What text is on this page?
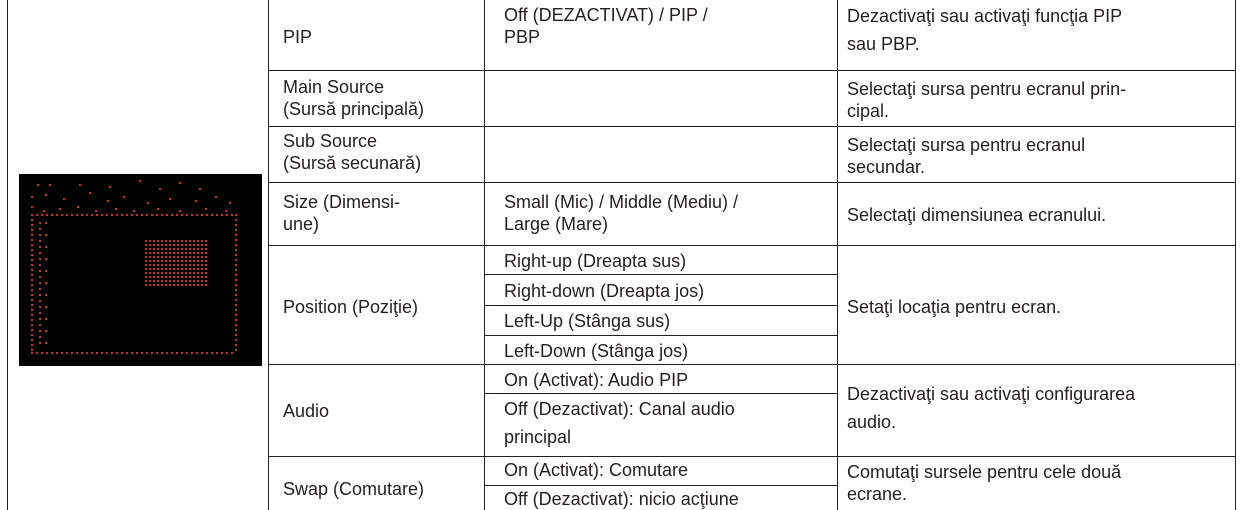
PIP
Off (DEZACTIVAT) / PIP /
PBP
Dezactivaţi sau activaţi funcţia PIP
sau PBP.
Main Source
(Sursă principală)
Selectaţi sursa pentru ecranul prin-
cipal.
Sub Source
(Sursă secunară)
Selectaţi sursa pentru ecranul
secundar.
Size (Dimensi-
une)
Small (Mic) / Middle (Mediu) /
Large (Mare)	Selectaţi dimensiunea ecranului.
Position (Poziţie)
Right-up (Dreapta sus)
Right-down (Dreapta jos)
Left-Up (Stânga sus)
Left-Down (Stânga jos)
Setaţi locaţia pentru ecran.
Audio
On (Activat): Audio PIP
Off (Dezactivat): Canal audio
principal
Dezactivaţi sau activaţi configurarea
audio.
Swap (Comutare)
On (Activat): Comutare
Off (Dezactivat): nicio acţiune
Comutaţi sursele pentru cele două
ecrane.
